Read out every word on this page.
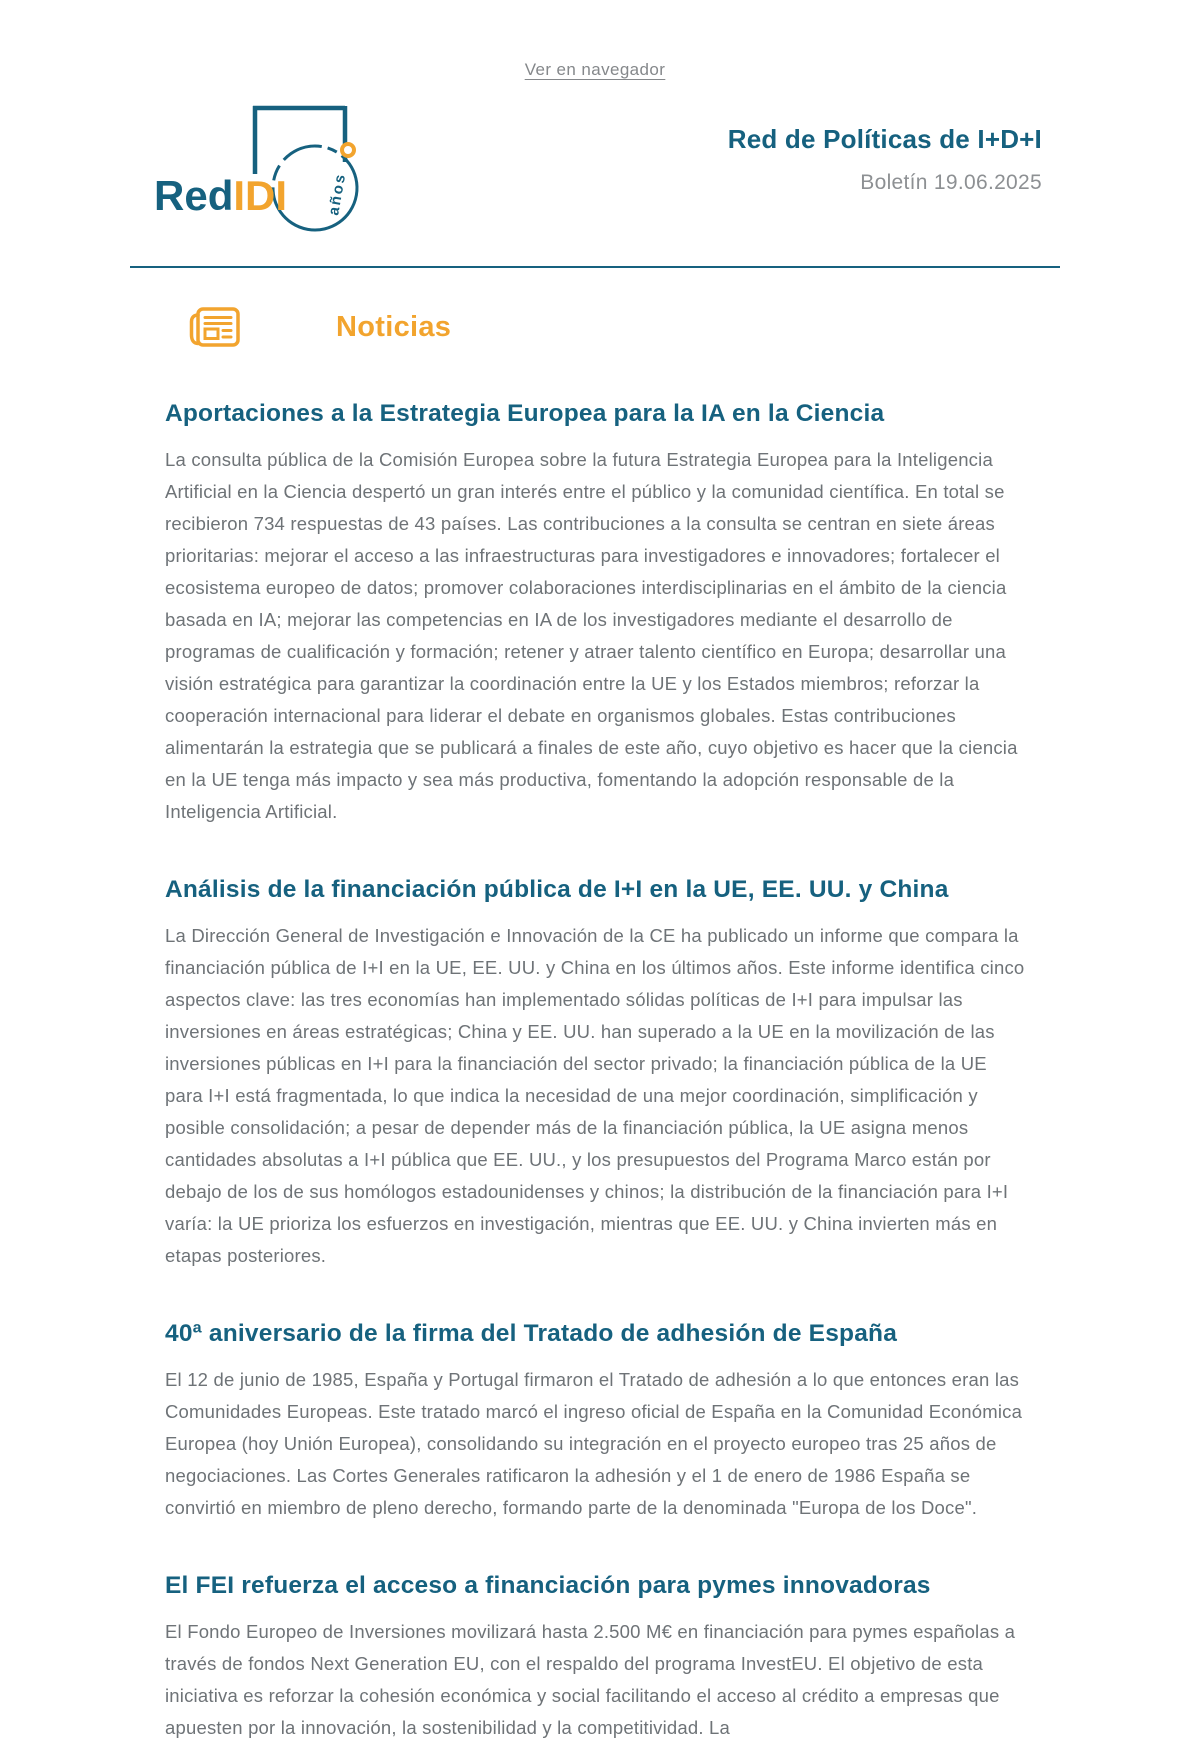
Ver en navegador
años
RedIDI
Red de Políticas de I+D+I
Boletín 19.06.2025
Noticias
Aportaciones a la Estrategia Europea para la IA en la Ciencia
La consulta pública de la Comisión Europea sobre la futura Estrategia Europea para la Inteligencia Artificial en la Ciencia despertó un gran interés entre el público y la comunidad científica. En total se recibieron 734 respuestas de 43 países. Las contribuciones a la consulta se centran en siete áreas prioritarias: mejorar el acceso a las infraestructuras para investigadores e innovadores; fortalecer el ecosistema europeo de datos; promover colaboraciones interdisciplinarias en el ámbito de la ciencia basada en IA; mejorar las competencias en IA de los investigadores mediante el desarrollo de programas de cualificación y formación; retener y atraer talento científico en Europa; desarrollar una visión estratégica para garantizar la coordinación entre la UE y los Estados miembros; reforzar la cooperación internacional para liderar el debate en organismos globales. Estas contribuciones alimentarán la estrategia que se publicará a finales de este año, cuyo objetivo es hacer que la ciencia en la UE tenga más impacto y sea más productiva, fomentando la adopción responsable de la Inteligencia Artificial.
Análisis de la financiación pública de I+I en la UE, EE. UU. y China
La Dirección General de Investigación e Innovación de la CE ha publicado un informe que compara la financiación pública de I+I en la UE, EE. UU. y China en los últimos años. Este informe identifica cinco aspectos clave: las tres economías han implementado sólidas políticas de I+I para impulsar las inversiones en áreas estratégicas; China y EE. UU. han superado a la UE en la movilización de las inversiones públicas en I+I para la financiación del sector privado; la financiación pública de la UE para I+I está fragmentada, lo que indica la necesidad de una mejor coordinación, simplificación y posible consolidación; a pesar de depender más de la financiación pública, la UE asigna menos cantidades absolutas a I+I pública que EE. UU., y los presupuestos del Programa Marco están por debajo de los de sus homólogos estadounidenses y chinos; la distribución de la financiación para I+I varía: la UE prioriza los esfuerzos en investigación, mientras que EE. UU. y China invierten más en etapas posteriores.
40ª aniversario de la firma del Tratado de adhesión de España
El 12 de junio de 1985, España y Portugal firmaron el Tratado de adhesión a lo que entonces eran las Comunidades Europeas. Este tratado marcó el ingreso oficial de España en la Comunidad Económica Europea (hoy Unión Europea), consolidando su integración en el proyecto europeo tras 25 años de negociaciones. Las Cortes Generales ratificaron la adhesión y el 1 de enero de 1986 España se convirtió en miembro de pleno derecho, formando parte de la denominada "Europa de los Doce".
El FEI refuerza el acceso a financiación para pymes innovadoras
El Fondo Europeo de Inversiones movilizará hasta 2.500 M€ en financiación para pymes españolas a través de fondos Next Generation EU, con el respaldo del programa InvestEU. El objetivo de esta iniciativa es reforzar la cohesión económica y social facilitando el acceso al crédito a empresas que apuesten por la innovación, la sostenibilidad y la competitividad. La
